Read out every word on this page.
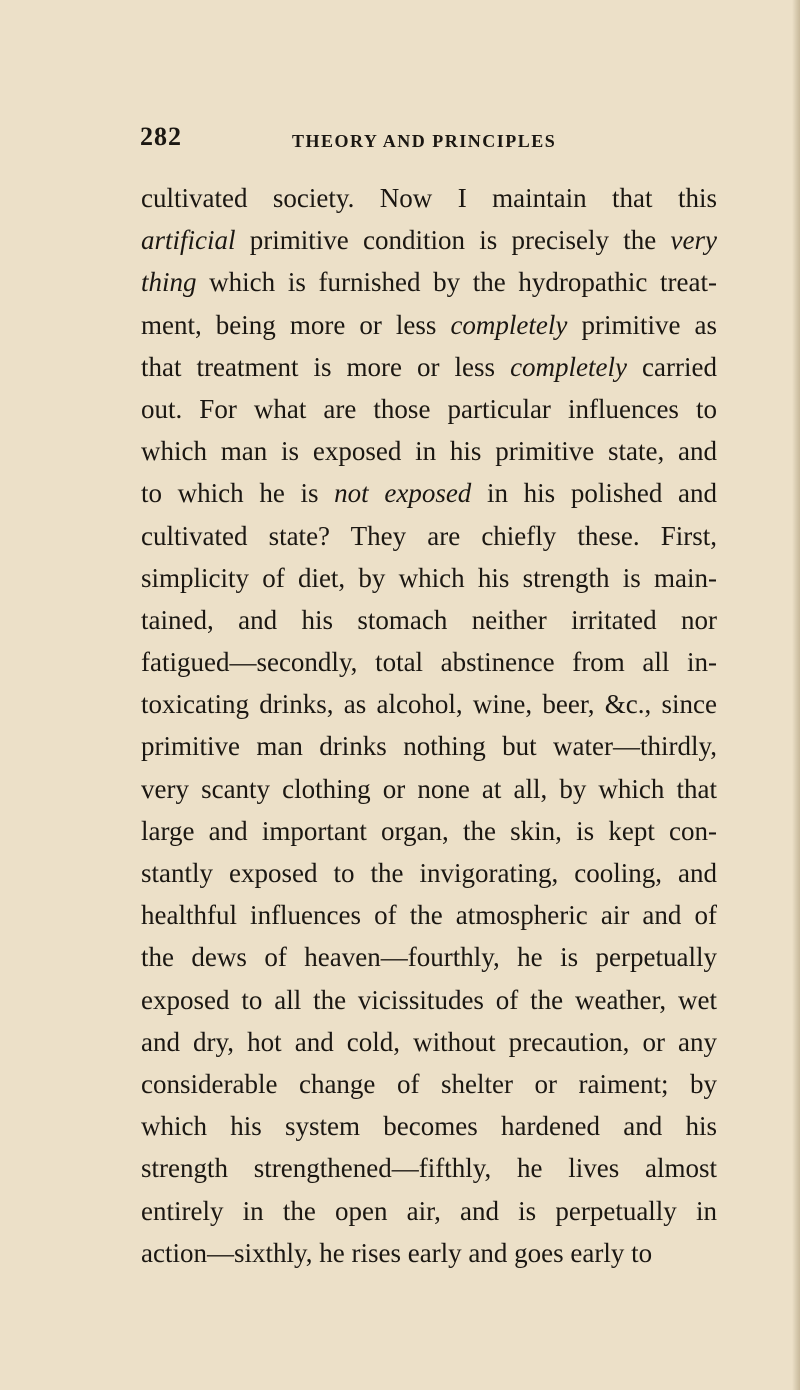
282	THEORY AND PRINCIPLES
cultivated society. Now I maintain that this
artificial primitive condition is precisely the very
thing which is furnished by the hydropathic treat-
ment, being more or less completely primitive as
that treatment is more or less completely carried
out. For what are those particular influences to
which man is exposed in his primitive state, and
to which he is not exposed in his polished and
cultivated state? They are chiefly these. First,
simplicity of diet, by which his strength is main-
tained, and his stomach neither irritated nor
fatigued—secondly, total abstinence from all in-
toxicating drinks, as alcohol, wine, beer, &c., since
primitive man drinks nothing but water—thirdly,
very scanty clothing or none at all, by which that
large and important organ, the skin, is kept con-
stantly exposed to the invigorating, cooling, and
healthful influences of the atmospheric air and of
the dews of heaven—fourthly, he is perpetually
exposed to all the vicissitudes of the weather, wet
and dry, hot and cold, without precaution, or any
considerable change of shelter or raiment; by
which his system becomes hardened and his
strength strengthened—fifthly, he lives almost
entirely in the open air, and is perpetually in
action—sixthly, he rises early and goes early to
